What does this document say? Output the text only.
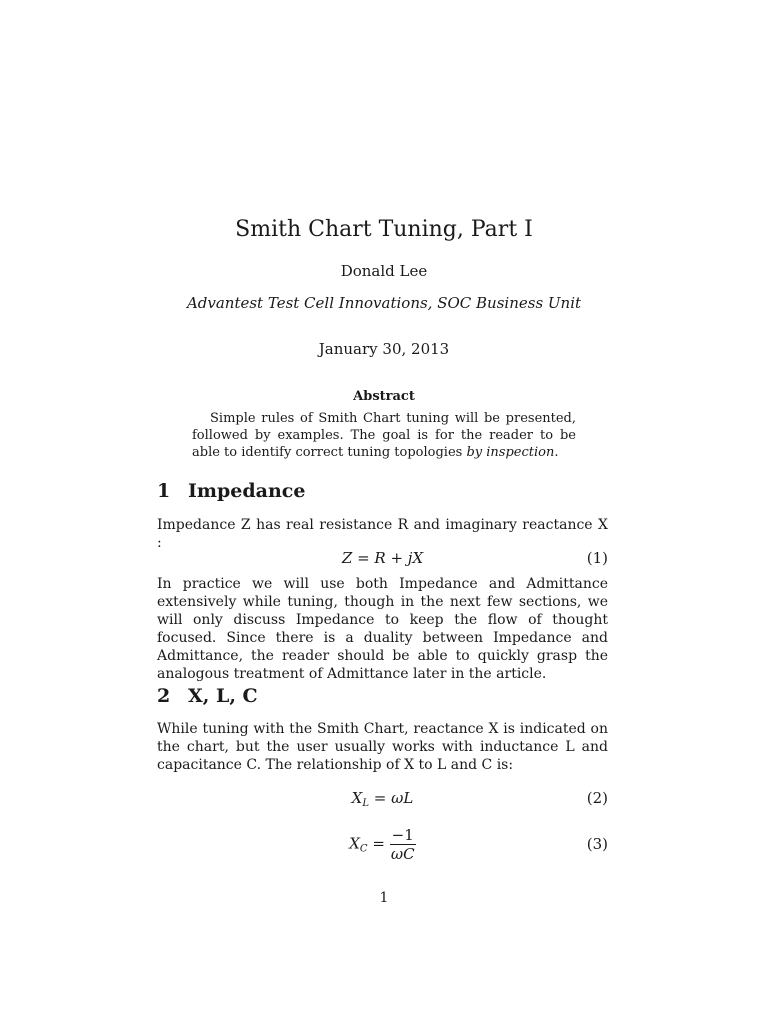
Smith Chart Tuning, Part I
Donald Lee
Advantest Test Cell Innovations, SOC Business Unit
January 30, 2013
Abstract

Simple rules of Smith Chart tuning will be presented, followed by examples. The goal is for the reader to be able to identify correct tuning topologies by inspection.

1 Impedance

Impedance Z has real resistance R and imaginary reactance X :

Z = R + jX	(1)

In practice we will use both Impedance and Admittance extensively while tuning, though in the next few sections, we will only discuss Impedance to keep the flow of thought focused. Since there is a duality between Impedance and Admittance, the reader should be able to quickly grasp the analogous treatment of Admittance later in the article.

2 X, L, C

While tuning with the Smith Chart, reactance X is indicated on the chart, but the user usually works with inductance L and capacitance C. The relationship of X to L and C is:

$X_L = \omega L$	(2)
$X_C = \frac{-1}{\omega C}$	(3)
1
